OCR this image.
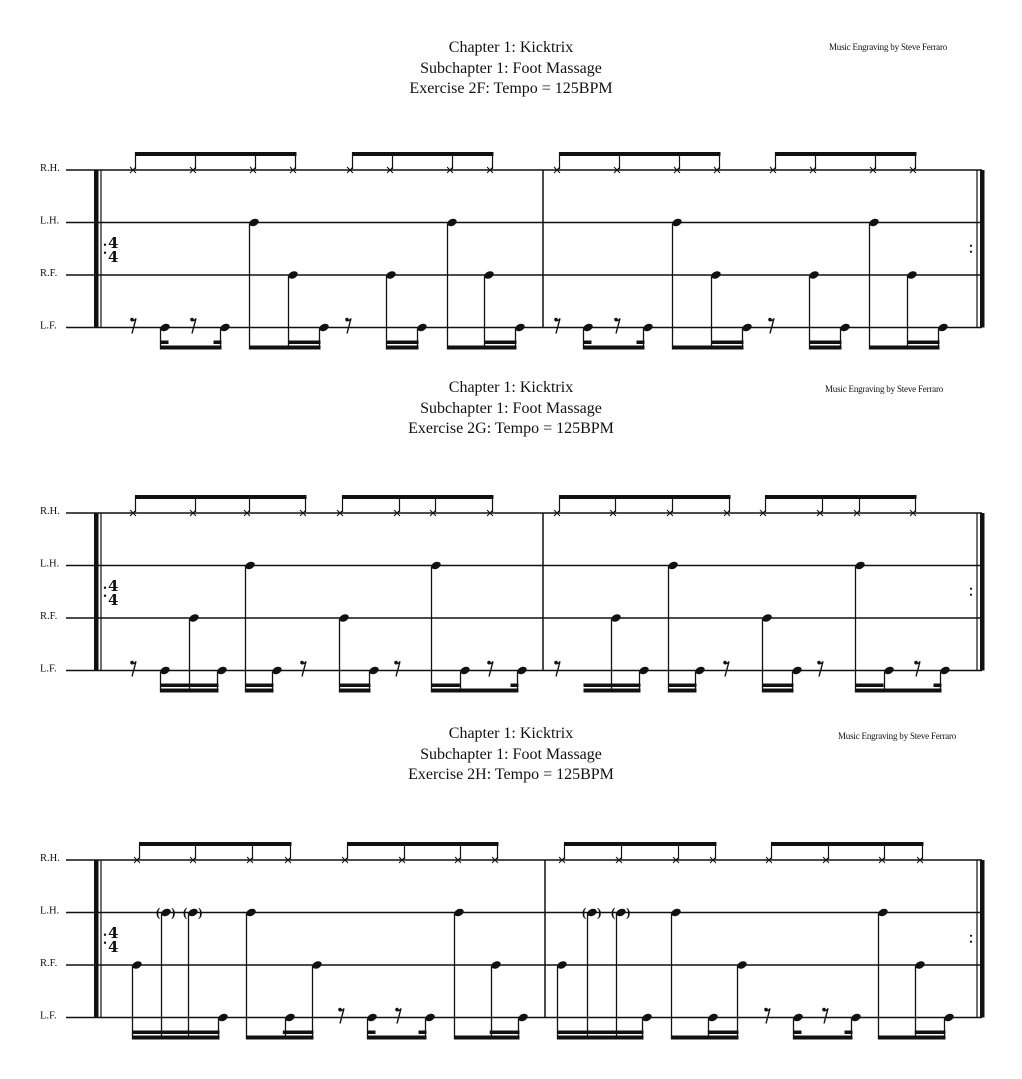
Chapter 1: Kicktrix
Subchapter 1: Foot Massage
Exercise 2F: Tempo = 125BPM
Music Engraving by Steve Ferraro
R.H.
L.H.
R.F.
L.F.
4
4
Chapter 1: Kicktrix
Subchapter 1: Foot Massage
Exercise 2G: Tempo = 125BPM
Music Engraving by Steve Ferraro
R.H.
L.H.
R.F.
L.F.
4
4
Chapter 1: Kicktrix
Subchapter 1: Foot Massage
Exercise 2H: Tempo = 125BPM
Music Engraving by Steve Ferraro
R.H.
L.H.
R.F.
L.F.
4
4
( ) ( )	( ) ( )
